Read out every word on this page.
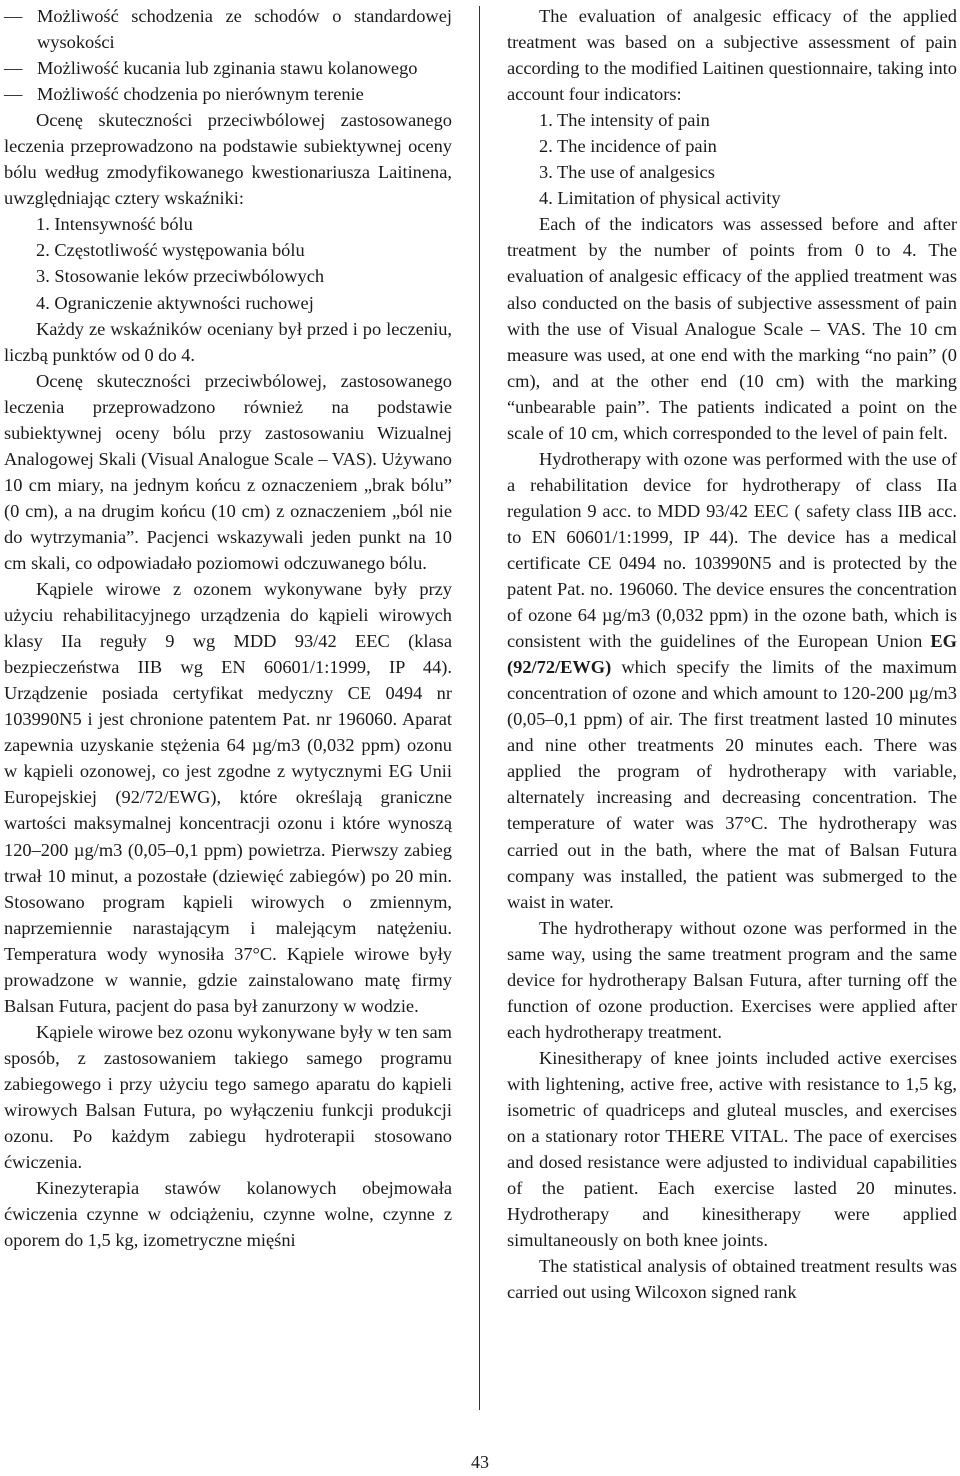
— Możliwość schodzenia ze schodów o standardowej wysokości
— Możliwość kucania lub zginania stawu kolanowego
— Możliwość chodzenia po nierównym terenie

Ocenę skuteczności przeciwbólowej zastosowanego leczenia przeprowadzono na podstawie subiektywnej oceny bólu według zmodyfikowanego kwestionariusza Laitinena, uwzględniając cztery wskaźniki:

1. Intensywność bólu

2. Częstotliwość występowania bólu

3. Stosowanie leków przeciwbólowych

4. Ograniczenie aktywności ruchowej

Każdy ze wskaźników oceniany był przed i po leczeniu, liczbą punktów od 0 do 4.

Ocenę skuteczności przeciwbólowej, zastosowanego leczenia przeprowadzono również na podstawie subiektywnej oceny bólu przy zastosowaniu Wizualnej Analogowej Skali (Visual Analogue Scale – VAS). Używano 10 cm miary, na jednym końcu z oznaczeniem „brak bólu” (0 cm), a na drugim końcu (10 cm) z oznaczeniem „ból nie do wytrzymania”. Pacjenci wskazywali jeden punkt na 10 cm skali, co odpowiadało poziomowi odczuwanego bólu.

Kąpiele wirowe z ozonem wykonywane były przy użyciu rehabilitacyjnego urządzenia do kąpieli wirowych klasy IIa reguły 9 wg MDD 93/42 EEC (klasa bezpieczeństwa IIB wg EN 60601/1:1999, IP 44). Urządzenie posiada certyfikat medyczny CE 0494 nr 103990N5 i jest chronione patentem Pat. nr 196060. Aparat zapewnia uzyskanie stężenia 64 µg/m3 (0,032 ppm) ozonu w kąpieli ozonowej, co jest zgodne z wytycznymi EG Unii Europejskiej (92/72/EWG), które określają graniczne wartości maksymalnej koncentracji ozonu i które wynoszą 120–200 µg/m3 (0,05–0,1 ppm) powietrza. Pierwszy zabieg trwał 10 minut, a pozostałe (dziewięć zabiegów) po 20 min. Stosowano program kąpieli wirowych o zmiennym, naprzemiennie narastającym i malejącym natężeniu. Temperatura wody wynosiła 37°C. Kąpiele wirowe były prowadzone w wannie, gdzie zainstalowano matę firmy Balsan Futura, pacjent do pasa był zanurzony w wodzie.

Kąpiele wirowe bez ozonu wykonywane były w ten sam sposób, z zastosowaniem takiego samego programu zabiegowego i przy użyciu tego samego aparatu do kąpieli wirowych Balsan Futura, po wyłączeniu funkcji produkcji ozonu. Po każdym zabiegu hydroterapii stosowano ćwiczenia.

Kinezyterapia stawów kolanowych obejmowała ćwiczenia czynne w odciążeniu, czynne wolne, czynne z oporem do 1,5 kg, izometryczne mięśni

The evaluation of analgesic efficacy of the applied treatment was based on a subjective assessment of pain according to the modified Laitinen questionnaire, taking into account four indicators:

1. The intensity of pain

2. The incidence of pain

3. The use of analgesics

4. Limitation of physical activity

Each of the indicators was assessed before and after treatment by the number of points from 0 to 4. The evaluation of analgesic efficacy of the applied treatment was also conducted on the basis of subjective assessment of pain with the use of Visual Analogue Scale – VAS. The 10 cm measure was used, at one end with the marking “no pain” (0 cm), and at the other end (10 cm) with the marking “unbearable pain”. The patients indicated a point on the scale of 10 cm, which corresponded to the level of pain felt.

Hydrotherapy with ozone was performed with the use of a rehabilitation device for hydrotherapy of class IIa regulation 9 acc. to MDD 93/42 EEC ( safety class IIB acc. to EN 60601/1:1999, IP 44). The device has a medical certificate CE 0494 no. 103990N5 and is protected by the patent Pat. no. 196060. The device ensures the concentration of ozone 64 µg/m3 (0,032 ppm) in the ozone bath, which is consistent with the guidelines of the European Union EG (92/72/EWG) which specify the limits of the maximum concentration of ozone and which amount to 120-200 µg/m3 (0,05–0,1 ppm) of air. The first treatment lasted 10 minutes and nine other treatments 20 minutes each. There was applied the program of hydrotherapy with variable, alternately increasing and decreasing concentration. The temperature of water was 37°C. The hydrotherapy was carried out in the bath, where the mat of Balsan Futura company was installed, the patient was submerged to the waist in water.

The hydrotherapy without ozone was performed in the same way, using the same treatment program and the same device for hydrotherapy Balsan Futura, after turning off the function of ozone production. Exercises were applied after each hydrotherapy treatment.

Kinesitherapy of knee joints included active exercises with lightening, active free, active with resistance to 1,5 kg, isometric of quadriceps and gluteal muscles, and exercises on a stationary rotor THERE VITAL. The pace of exercises and dosed resistance were adjusted to individual capabilities of the patient. Each exercise lasted 20 minutes. Hydrotherapy and kinesitherapy were applied simultaneously on both knee joints.

The statistical analysis of obtained treatment results was carried out using Wilcoxon signed rank

43
